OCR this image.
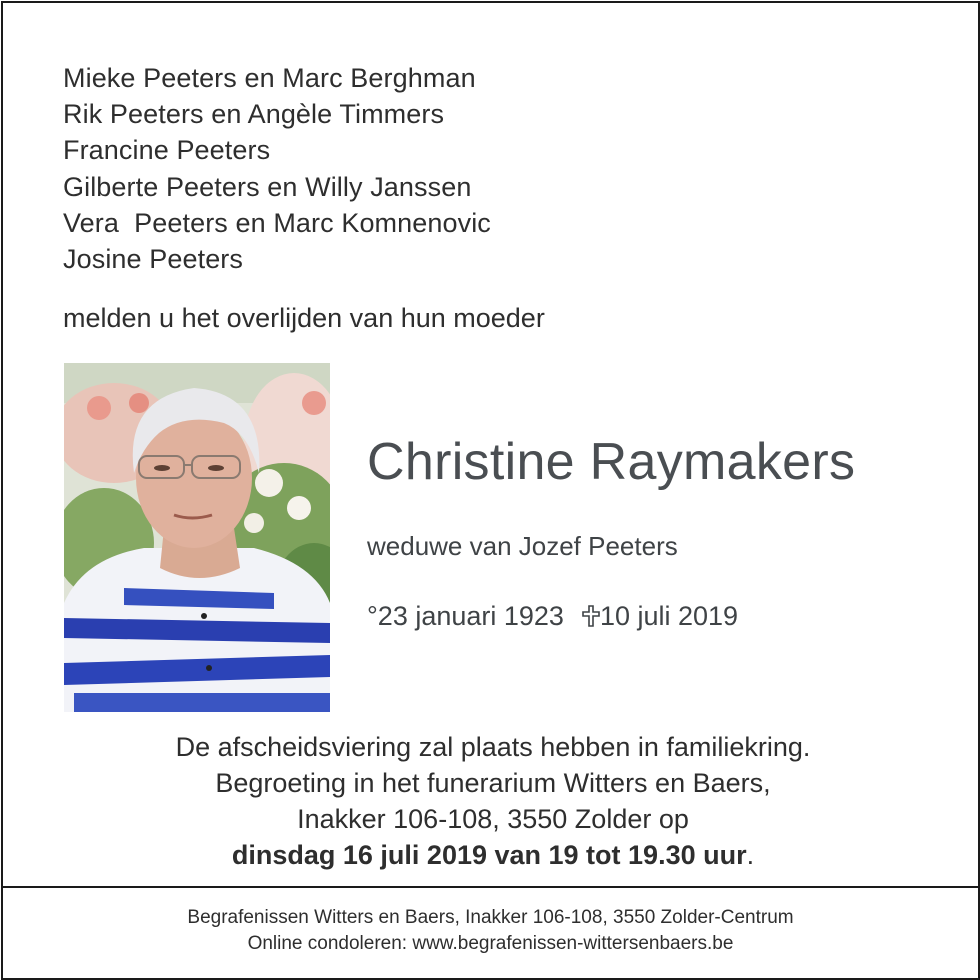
Mieke Peeters en Marc Berghman
Rik Peeters en Angèle Timmers
Francine Peeters
Gilberte Peeters en Willy Janssen
Vera  Peeters en Marc Komnenovic
Josine Peeters
melden u het overlijden van hun moeder
Christine Raymakers
weduwe van Jozef Peeters
°23 januari 1923 10 juli 2019
De afscheidsviering zal plaats hebben in familiekring.
Begroeting in het funerarium Witters en Baers,
Inakker 106-108, 3550 Zolder op
dinsdag 16 juli 2019 van 19 tot 19.30 uur.
Begrafenissen Witters en Baers, Inakker 106-108, 3550 Zolder-Centrum
Online condoleren: www.begrafenissen-wittersenbaers.be
